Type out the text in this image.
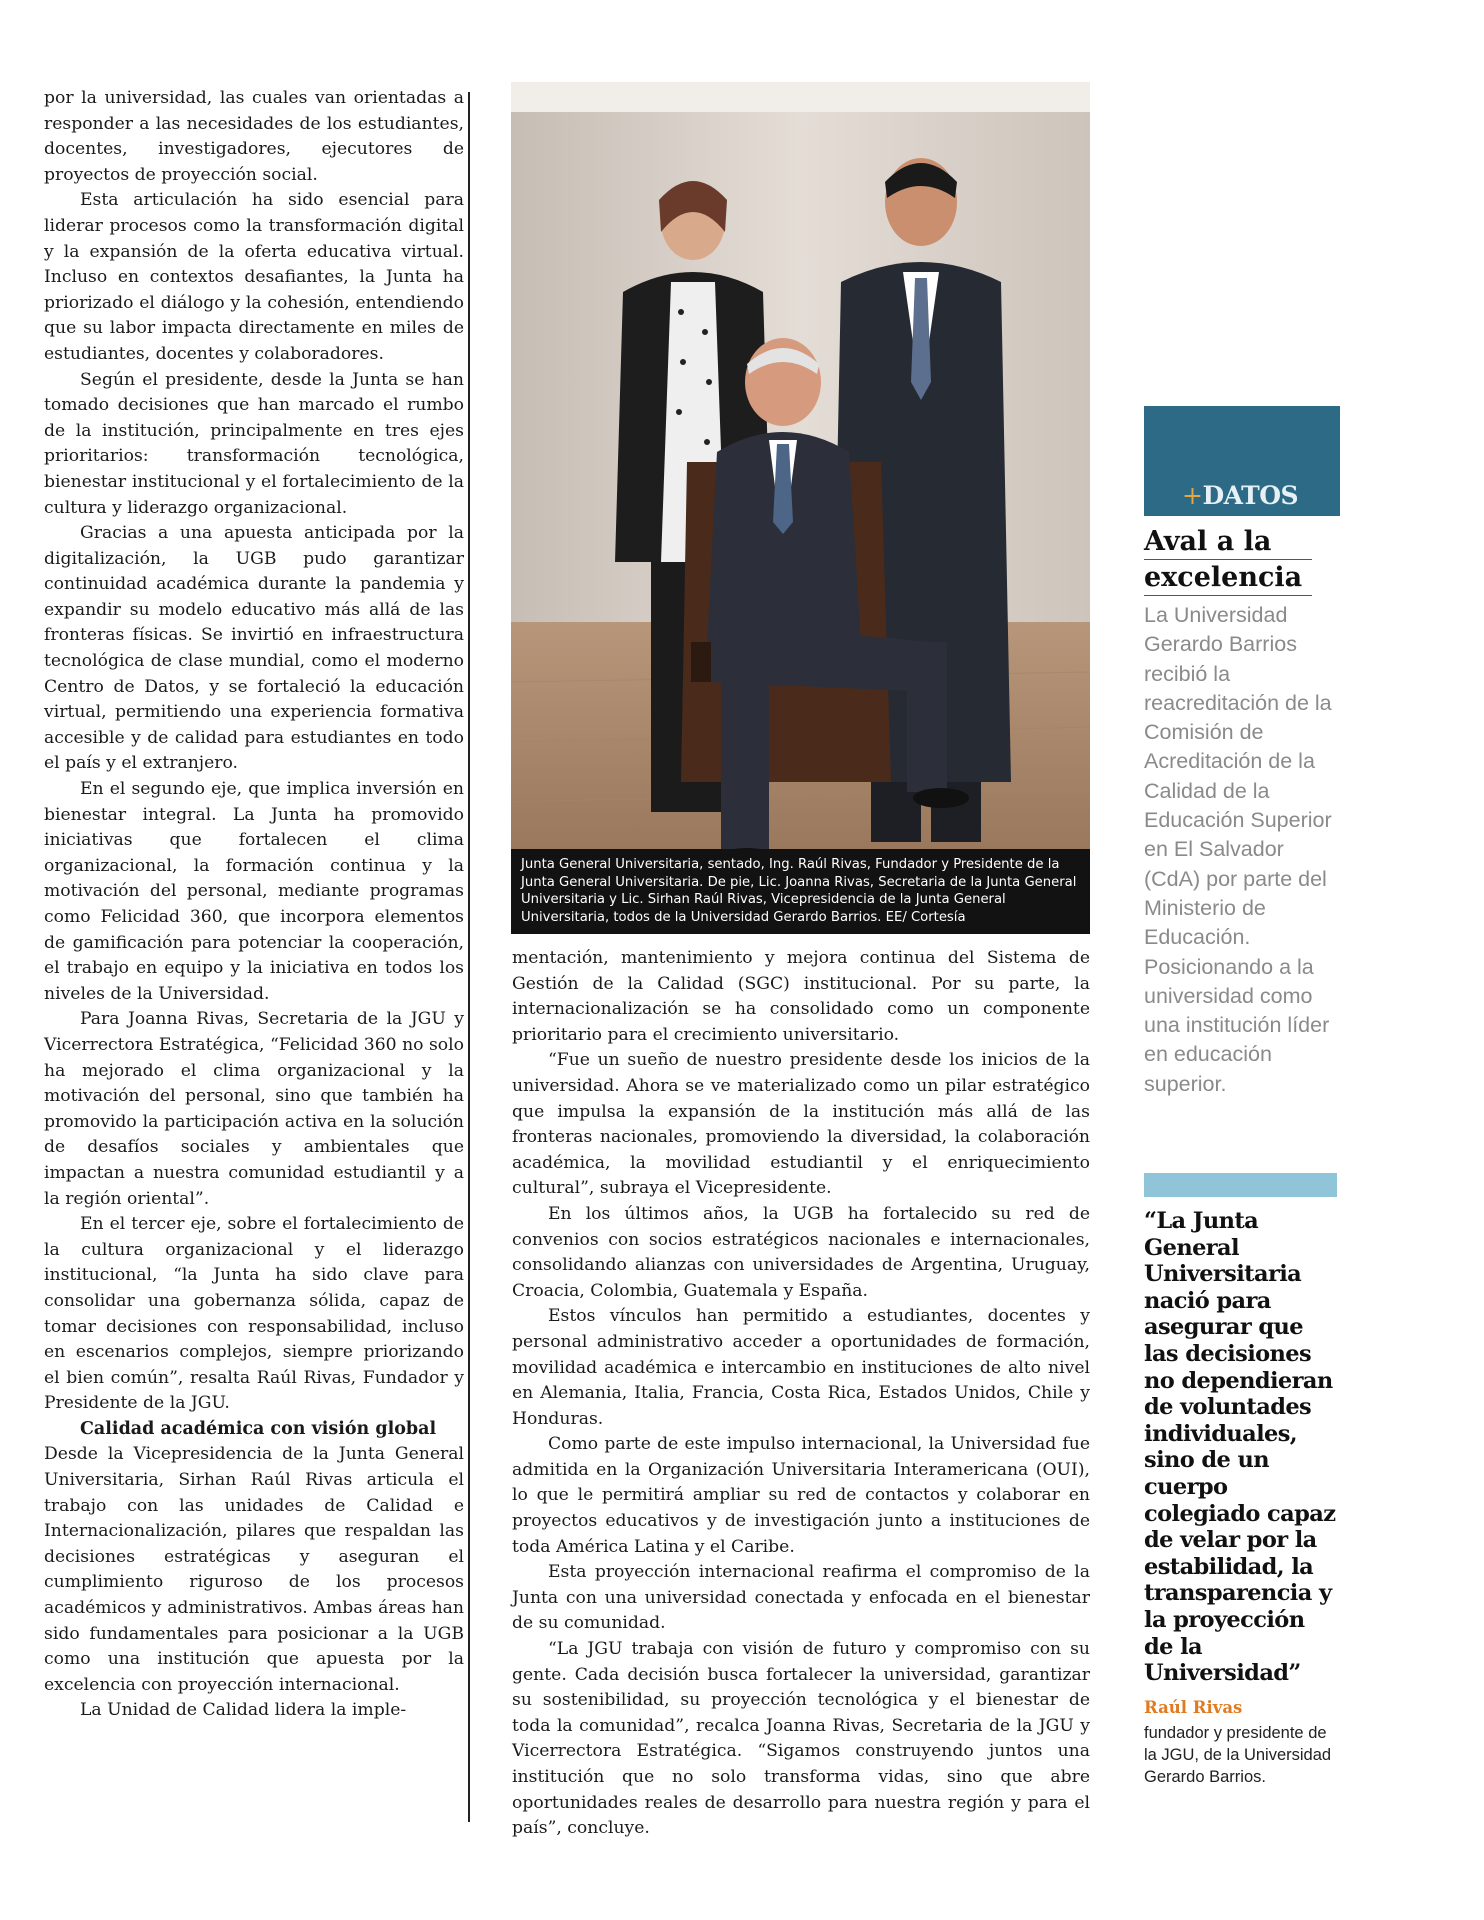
por la universidad, las cuales van orientadas a responder a las necesidades de los estudiantes, docentes, investigadores, ejecutores de proyectos de proyección social.

Esta articulación ha sido esencial para liderar procesos como la transformación digital y la expansión de la oferta educativa virtual. Incluso en contextos desafiantes, la Junta ha priorizado el diálogo y la cohesión, entendiendo que su labor impacta directamente en miles de estudiantes, docentes y colaboradores.

Según el presidente, desde la Junta se han tomado decisiones que han marcado el rumbo de la institución, principalmente en tres ejes prioritarios: transformación tecnológica, bienestar institucional y el fortalecimiento de la cultura y liderazgo organizacional.

Gracias a una apuesta anticipada por la digitalización, la UGB pudo garantizar continuidad académica durante la pandemia y expandir su modelo educativo más allá de las fronteras físicas. Se invirtió en infraestructura tecnológica de clase mundial, como el moderno Centro de Datos, y se fortaleció la educación virtual, permitiendo una experiencia formativa accesible y de calidad para estudiantes en todo el país y el extranjero.

En el segundo eje, que implica inversión en bienestar integral. La Junta ha promovido iniciativas que fortalecen el clima organizacional, la formación continua y la motivación del personal, mediante programas como Felicidad 360, que incorpora elementos de gamificación para potenciar la cooperación, el trabajo en equipo y la iniciativa en todos los niveles de la Universidad.

Para Joanna Rivas, Secretaria de la JGU y Vicerrectora Estratégica, “Felicidad 360 no solo ha mejorado el clima organizacional y la motivación del personal, sino que también ha promovido la participación activa en la solución de desafíos sociales y ambientales que impactan a nuestra comunidad estudiantil y a la región oriental”.

En el tercer eje, sobre el fortalecimiento de la cultura organizacional y el liderazgo institucional, “la Junta ha sido clave para consolidar una gobernanza sólida, capaz de tomar decisiones con responsabilidad, incluso en escenarios complejos, siempre priorizando el bien común”, resalta Raúl Rivas, Fundador y Presidente de la JGU.

Calidad académica con visión global

Desde la Vicepresidencia de la Junta General Universitaria, Sirhan Raúl Rivas articula el trabajo con las unidades de Calidad e Internacionalización, pilares que respaldan las decisiones estratégicas y aseguran el cumplimiento riguroso de los procesos académicos y administrativos. Ambas áreas han sido fundamentales para posicionar a la UGB como una institución que apuesta por la excelencia con proyección internacional.

La Unidad de Calidad lidera la imple-

Junta General Universitaria, sentado, Ing. Raúl Rivas, Fundador y Presidente de la Junta General Universitaria. De pie, Lic. Joanna Rivas, Secretaria de la Junta General Universitaria y Lic. Sirhan Raúl Rivas, Vicepresidencia de la Junta General Universitaria, todos de la Universidad Gerardo Barrios. EE/ Cortesía

mentación, mantenimiento y mejora continua del Sistema de Gestión de la Calidad (SGC) institucional. Por su parte, la internacionalización se ha consolidado como un componente prioritario para el crecimiento universitario.

“Fue un sueño de nuestro presidente desde los inicios de la universidad. Ahora se ve materializado como un pilar estratégico que impulsa la expansión de la institución más allá de las fronteras nacionales, promoviendo la diversidad, la colaboración académica, la movilidad estudiantil y el enriquecimiento cultural”, subraya el Vicepresidente.

En los últimos años, la UGB ha fortalecido su red de convenios con socios estratégicos nacionales e internacionales, consolidando alianzas con universidades de Argentina, Uruguay, Croacia, Colombia, Guatemala y España.

Estos vínculos han permitido a estudiantes, docentes y personal administrativo acceder a oportunidades de formación, movilidad académica e intercambio en instituciones de alto nivel en Alemania, Italia, Francia, Costa Rica, Estados Unidos, Chile y Honduras.

Como parte de este impulso internacional, la Universidad fue admitida en la Organización Universitaria Interamericana (OUI), lo que le permitirá ampliar su red de contactos y colaborar en proyectos educativos y de investigación junto a instituciones de toda América Latina y el Caribe.

Esta proyección internacional reafirma el compromiso de la Junta con una universidad conectada y enfocada en el bienestar de su comunidad.

“La JGU trabaja con visión de futuro y compromiso con su gente. Cada decisión busca fortalecer la universidad, garantizar su sostenibilidad, su proyección tecnológica y el bienestar de toda la comunidad”, recalca Joanna Rivas, Secretaria de la JGU y Vicerrectora Estratégica. “Sigamos construyendo juntos una institución que no solo transforma vidas, sino que abre oportunidades reales de desarrollo para nuestra región y para el país”, concluye.

+DATOS
Aval a la
excelencia
La Universidad Gerardo Barrios recibió la reacreditación de la Comisión de Acreditación de la Calidad de la Educación Superior en El Salvador (CdA) por parte del Ministerio de Educación. Posicionando a la universidad como una institución líder en educación superior.
“La Junta General Universitaria nació para asegurar que las decisiones no dependieran de voluntades individuales, sino de un cuerpo colegiado capaz de velar por la estabilidad, la transparencia y la proyección de la Universidad”
Raúl Rivas
fundador y presidente de la JGU, de la Universidad Gerardo Barrios.
